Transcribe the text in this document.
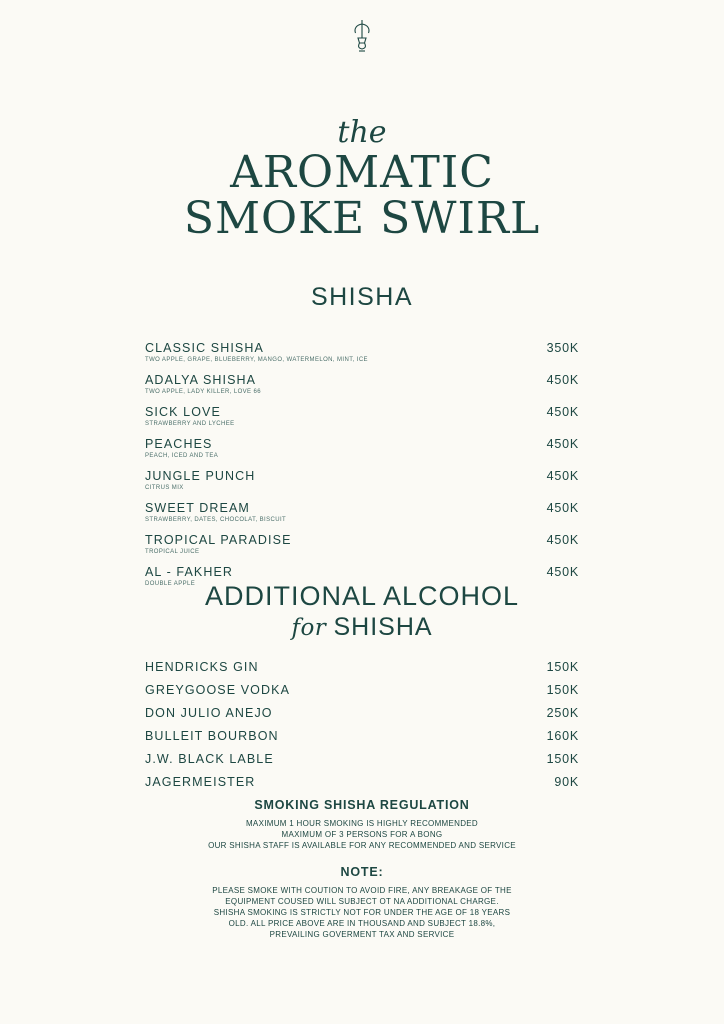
the
AROMATIC
SMOKE SWIRL
SHISHA
CLASSIC SHISHA	350K
TWO APPLE, GRAPE, BLUEBERRY, MANGO, WATERMELON, MINT, ICE
ADALYA SHISHA	450K
TWO APPLE, LADY KILLER, LOVE 66
SICK LOVE	450K
STRAWBERRY AND LYCHEE
PEACHES	450K
PEACH, ICED AND TEA
JUNGLE PUNCH	450K
CITRUS MIX
SWEET DREAM	450K
STRAWBERRY, DATES, CHOCOLAT, BISCUIT
TROPICAL PARADISE	450K
TROPICAL JUICE
AL - FAKHER	450K
DOUBLE APPLE ADDITIONAL ALCOHOL
for SHISHA
HENDRICKS GIN	150K
GREYGOOSE VODKA	150K
DON JULIO ANEJO	250K
BULLEIT BOURBON	160K
J.W. BLACK LABLE	150K
JAGERMEISTER	90K
SMOKING SHISHA REGULATION
MAXIMUM 1 HOUR SMOKING IS HIGHLY RECOMMENDED
MAXIMUM OF 3 PERSONS FOR A BONG
OUR SHISHA STAFF IS AVAILABLE FOR ANY RECOMMENDED AND SERVICE
NOTE:
PLEASE SMOKE WITH COUTION TO AVOID FIRE, ANY BREAKAGE OF THE
EQUIPMENT COUSED WILL SUBJECT OT NA ADDITIONAL CHARGE.
SHISHA SMOKING IS STRICTLY NOT FOR UNDER THE AGE OF 18 YEARS
OLD. ALL PRICE ABOVE ARE IN THOUSAND AND SUBJECT 18.8%,
PREVAILING GOVERMENT TAX AND SERVICE
